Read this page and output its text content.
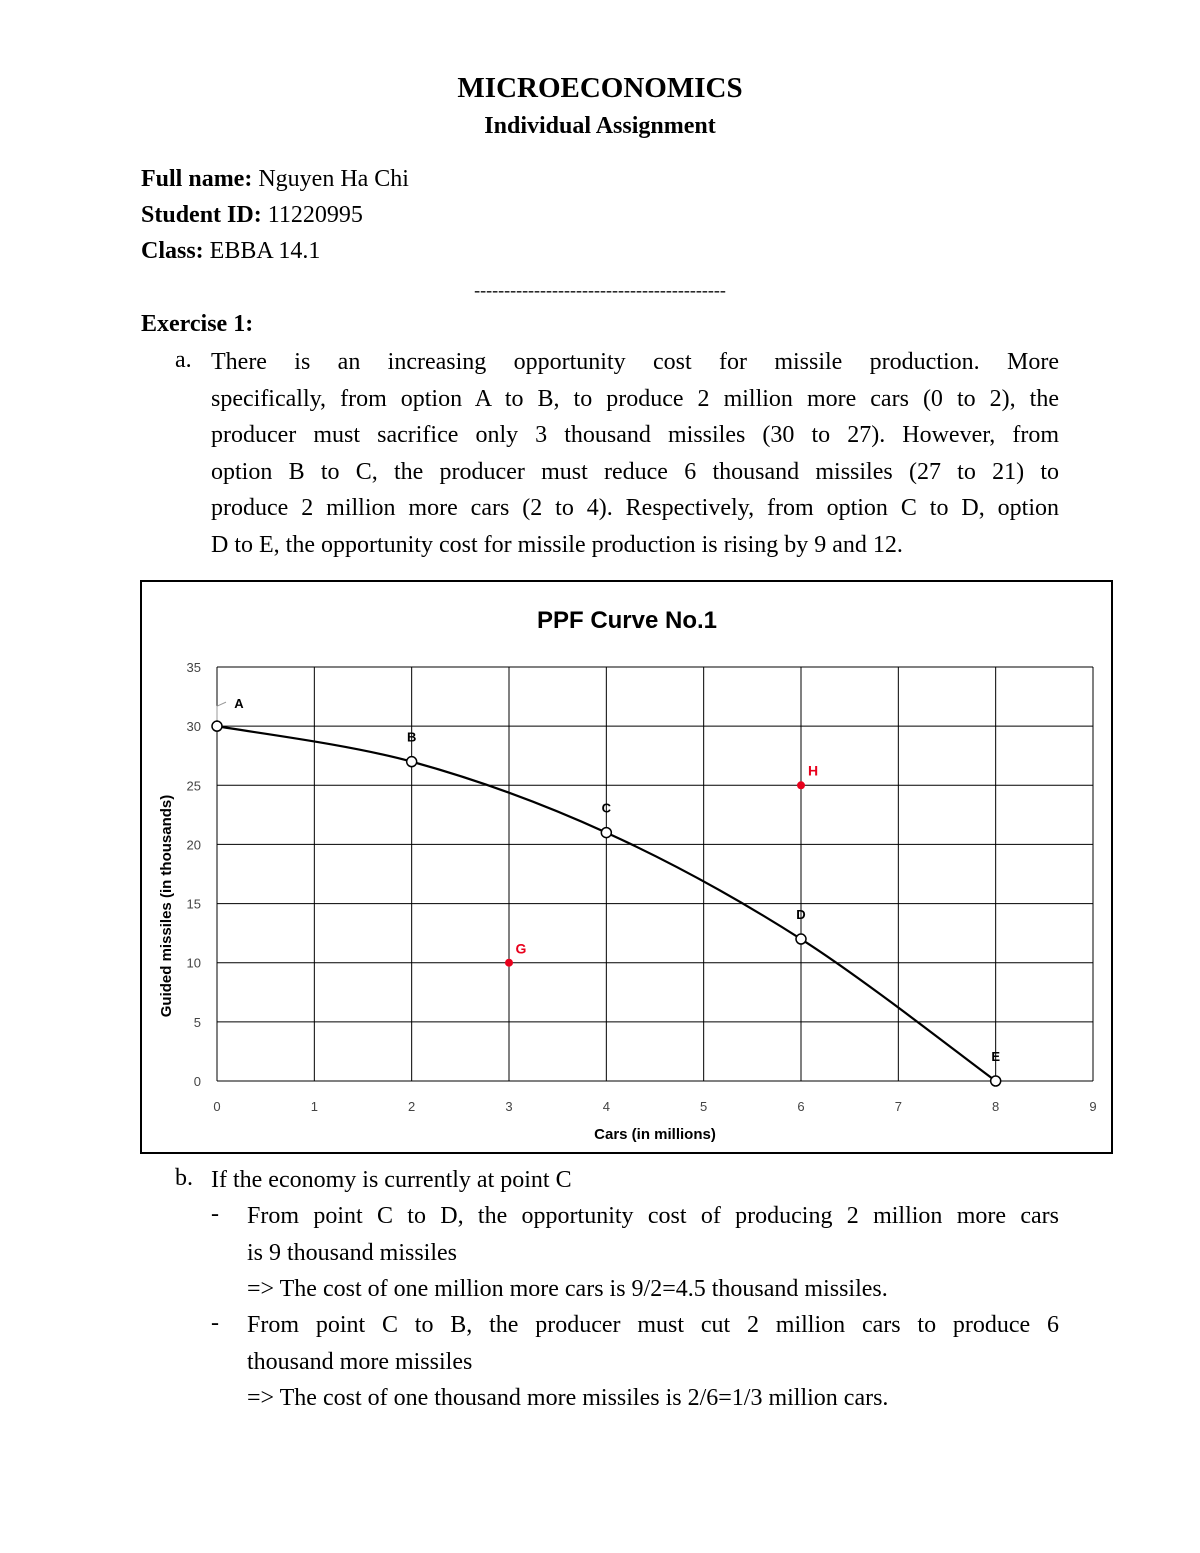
MICROECONOMICS
Individual Assignment
Full name: Nguyen Ha Chi
Student ID: 11220995
Class: EBBA 14.1
------------------------------------------
Exercise 1:
a. There is an increasing opportunity cost for missile production. More
specifically, from option A to B, to produce 2 million more cars (0 to 2), the
producer must sacrifice only 3 thousand missiles (30 to 27). However, from
option B to C, the producer must reduce 6 thousand missiles (27 to 21) to
produce 2 million more cars (2 to 4). Respectively, from option C to D, option
D to E, the opportunity cost for missile production is rising by 9 and 12.
PPF Curve No.1
0
5
10
15
20
25
30
35
0	1	2	3	4	5	6	7	8	9
A
B
C
D
E
G
H
Cars (in millions)
Guided missiles (in thousands)
b. If the economy is currently at point C
- From point C to D, the opportunity cost of producing 2 million more cars
is 9 thousand missiles
=> The cost of one million more cars is 9/2=4.5 thousand missiles.
- From point C to B, the producer must cut 2 million cars to produce 6
thousand more missiles
=> The cost of one thousand more missiles is 2/6=1/3 million cars.
